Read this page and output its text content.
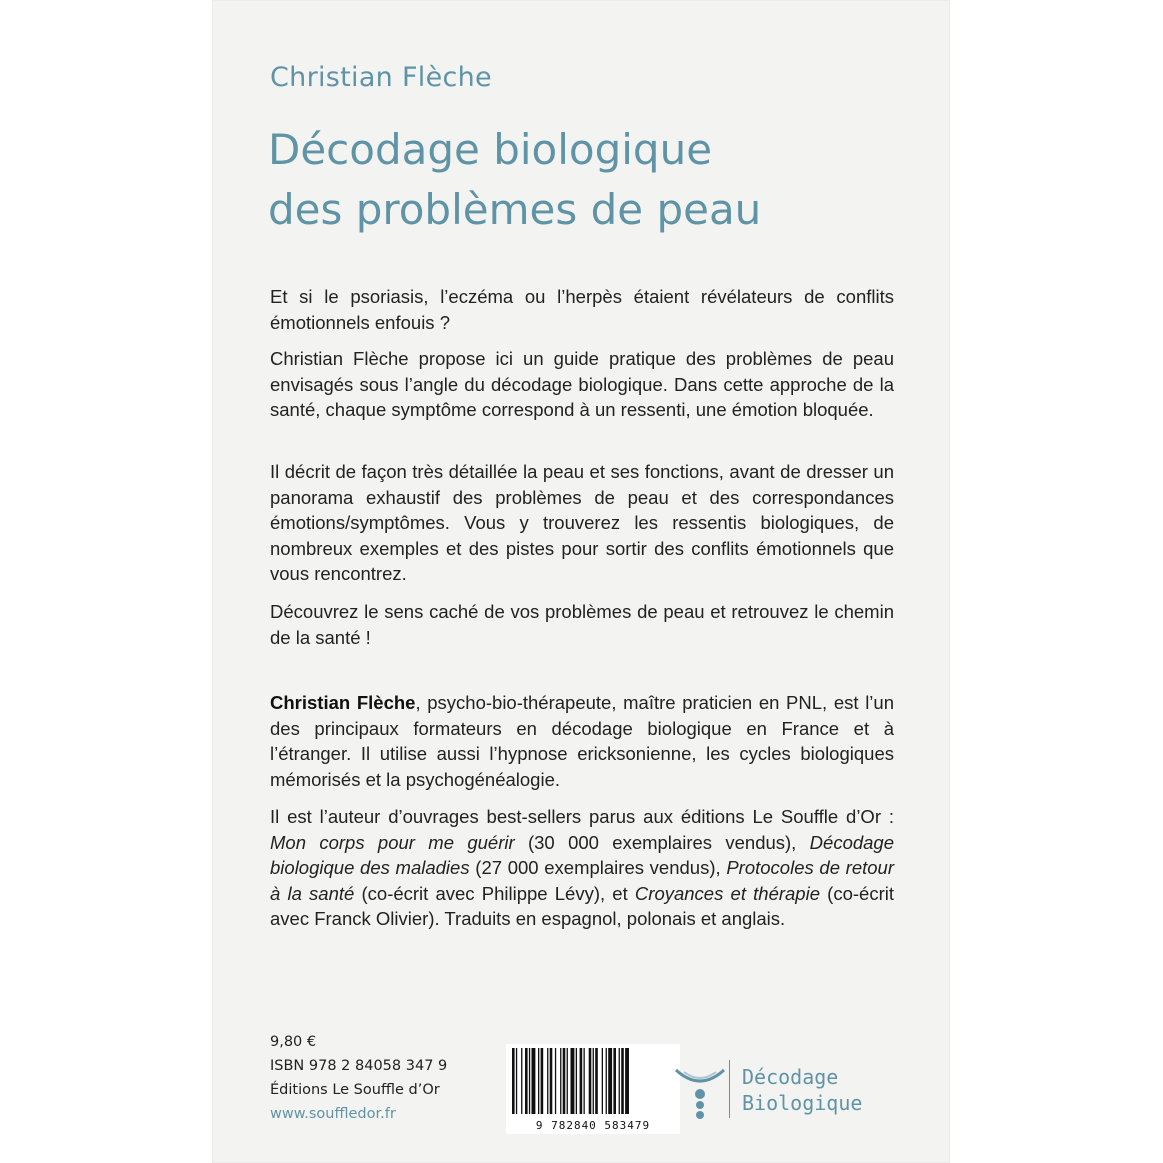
Christian Flèche
Décodage biologique
des problèmes de peau

Et si le psoriasis, l’eczéma ou l’herpès étaient révélateurs de conflits émotionnels enfouis ?

Christian Flèche propose ici un guide pratique des problèmes de peau envisagés sous l’angle du décodage biologique. Dans cette approche de la santé, chaque symptôme correspond à un ressenti, une émotion bloquée.

Il décrit de façon très détaillée la peau et ses fonctions, avant de dresser un panorama exhaustif des problèmes de peau et des correspondances émotions/symptômes. Vous y trouverez les ressentis biologiques, de nombreux exemples et des pistes pour sortir des conflits émotionnels que vous rencontrez.

Découvrez le sens caché de vos problèmes de peau et retrouvez le chemin de la santé !

Christian Flèche, psycho-bio-thérapeute, maître praticien en PNL, est l’un des principaux formateurs en décodage biologique en France et à l’étranger. Il utilise aussi l’hypnose ericksonienne, les cycles biologiques mémorisés et la psychogénéalogie.

Il est l’auteur d’ouvrages best-sellers parus aux éditions Le Souffle d’Or : Mon corps pour me guérir (30 000 exemplaires vendus), Décodage biologique des maladies (27 000 exemplaires vendus), Protocoles de retour à la santé (co-écrit avec Philippe Lévy), et Croyances et thérapie (co-écrit avec Franck Olivier). Traduits en espagnol, polonais et anglais.

9,80 €
ISBN 978 2 84058 347 9
Éditions Le Souffle d’Or
www.souffledor.fr
9 782840 583479
Décodage
Biologique
